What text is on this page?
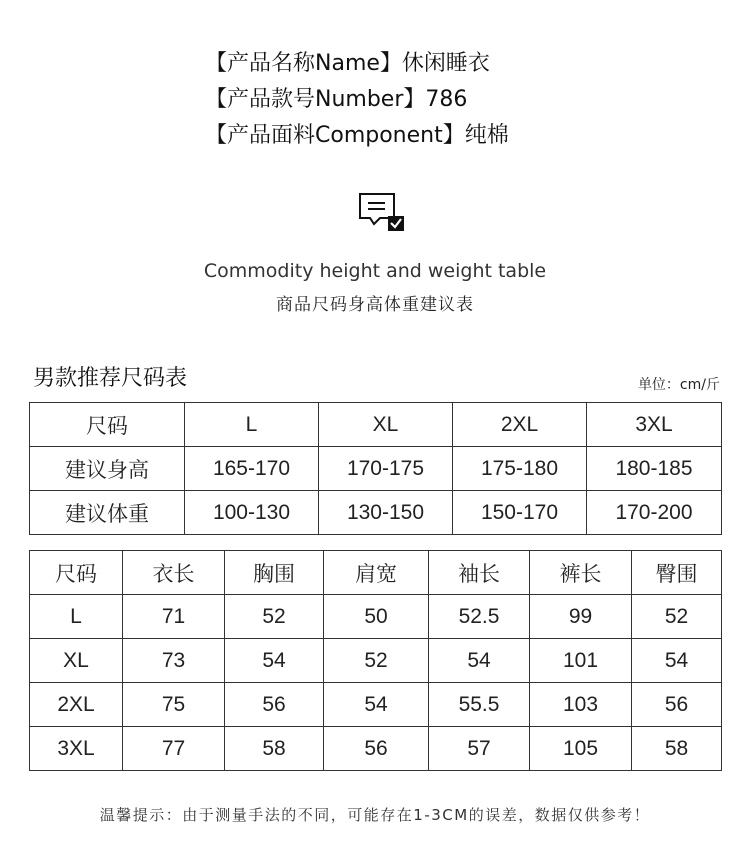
【产品名称Name】休闲睡衣
【产品款号Number】786
【产品面料Component】纯棉
Commodity height and weight table
商品尺码身高体重建议表
男款推荐尺码表	单位：cm/斤
尺码	L	XL	2XL	3XL
建议身高	165-170	170-175	175-180	180-185
建议体重	100-130	130-150	150-170	170-200
尺码	衣长	胸围	肩宽	袖长	裤长	臀围
L	71	52	50	52.5	99	52
XL	73	54	52	54	101	54
2XL	75	56	54	55.5	103	56
3XL	77	58	56	57	105	58
温馨提示：由于测量手法的不同，可能存在1-3CM的误差，数据仅供参考！
